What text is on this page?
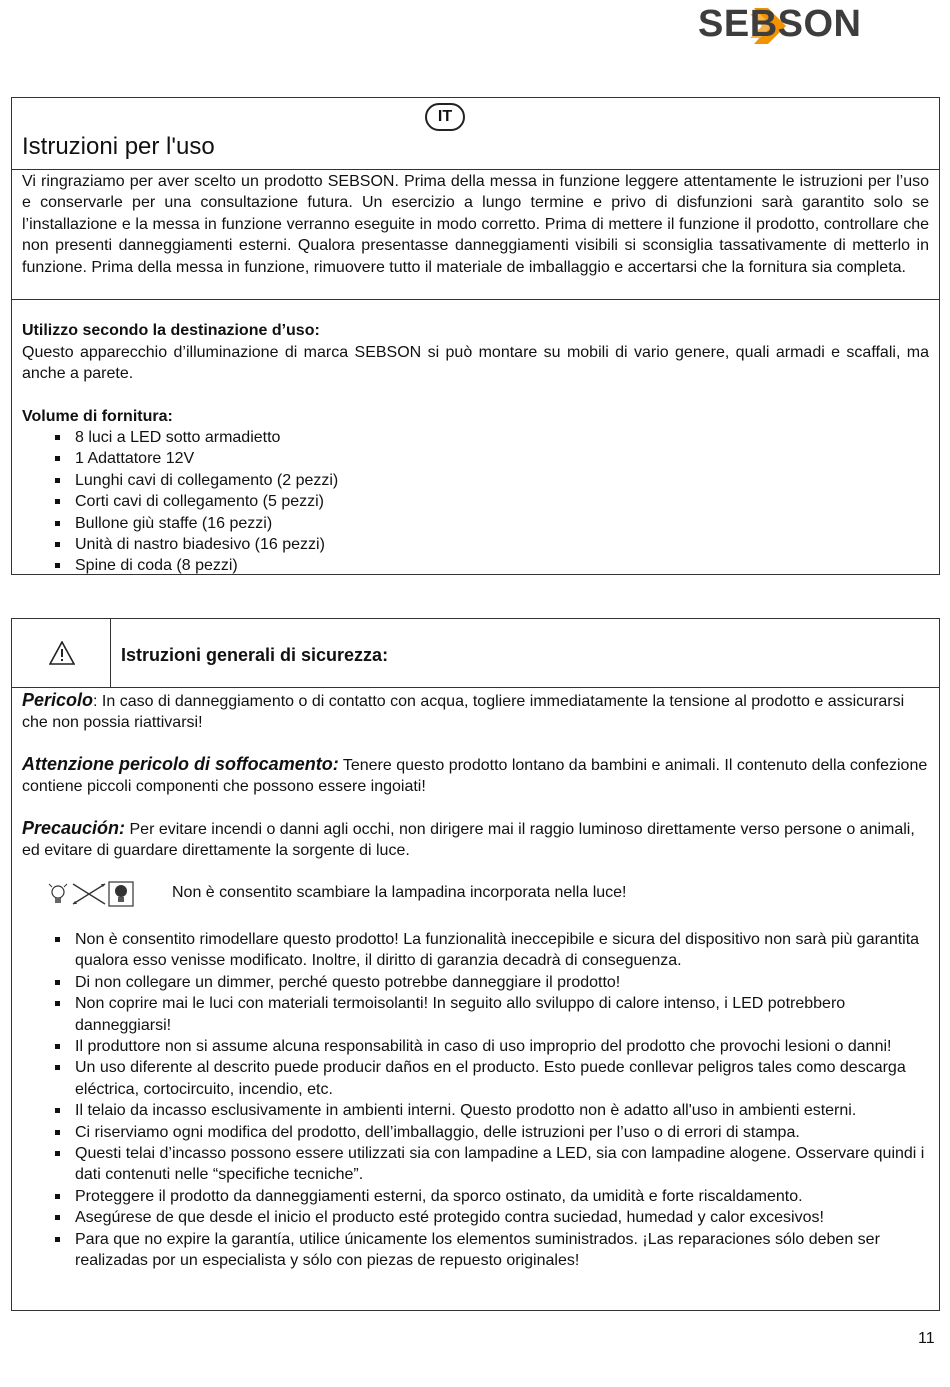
SEBSON
IT
Istruzioni per l'uso
Vi ringraziamo per aver scelto un prodotto SEBSON. Prima della messa in funzione leggere attentamente le istruzioni per l’uso e conservarle per una consultazione futura. Un esercizio a lungo termine e privo di disfunzioni sarà garantito solo se l’installazione e la messa in funzione verranno eseguite in modo corretto. Prima di mettere il funzione il prodotto, controllare che non presenti danneggiamenti esterni. Qualora presentasse danneggiamenti visibili si sconsiglia tassativamente di metterlo in funzione. Prima della messa in funzione, rimuovere tutto il materiale de imballaggio e accertarsi che la fornitura sia completa.
Utilizzo secondo la destinazione d’uso:
Questo apparecchio d’illuminazione di marca SEBSON si può montare su mobili di vario genere, quali armadi e scaffali, ma anche a parete.
Volume di fornitura:
8 luci a LED sotto armadietto
1 Adattatore 12V
Lunghi cavi di collegamento (2 pezzi)
Corti cavi di collegamento (5 pezzi)
Bullone giù staffe (16 pezzi)
Unità di nastro biadesivo (16 pezzi)
Spine di coda (8 pezzi)
Istruzioni generali di sicurezza:
Pericolo: In caso di danneggiamento o di contatto con acqua, togliere immediatamente la tensione al prodotto e assicurarsi che non possia riattivarsi!
Attenzione pericolo di soffocamento: Tenere questo prodotto lontano da bambini e animali. Il contenuto della confezione contiene piccoli componenti che possono essere ingoiati!
Precaución: Per evitare incendi o danni agli occhi, non dirigere mai il raggio luminoso direttamente verso persone o animali, ed evitare di guardare direttamente la sorgente di luce.
Non è consentito scambiare la lampadina incorporata nella luce!
Non è consentito rimodellare questo prodotto! La funzionalità ineccepibile e sicura del dispositivo non sarà più garantita qualora esso venisse modificato. Inoltre, il diritto di garanzia decadrà di conseguenza.
Di non collegare un dimmer, perché questo potrebbe danneggiare il prodotto!
Non coprire mai le luci con materiali termoisolanti! In seguito allo sviluppo di calore intenso, i LED potrebbero danneggiarsi!
Il produttore non si assume alcuna responsabilità in caso di uso improprio del prodotto che provochi lesioni o danni!
Un uso diferente al descrito puede producir daños en el producto. Esto puede conllevar peligros tales como descarga eléctrica, cortocircuito, incendio, etc.
Il telaio da incasso esclusivamente in ambienti interni. Questo prodotto non è adatto all'uso in ambienti esterni.
Ci riserviamo ogni modifica del prodotto, dell’imballaggio, delle istruzioni per l’uso o di errori di stampa.
Questi telai d’incasso possono essere utilizzati sia con lampadine a LED, sia con lampadine alogene. Osservare quindi i dati contenuti nelle “specifiche tecniche”.
Proteggere il prodotto da danneggiamenti esterni, da sporco ostinato, da umidità e forte riscaldamento.
Asegúrese de que desde el inicio el producto esté protegido contra suciedad, humedad y calor excesivos!
Para que no expire la garantía, utilice únicamente los elementos suministrados. ¡Las reparaciones sólo deben ser realizadas por un especialista y sólo con piezas de repuesto originales!
11
